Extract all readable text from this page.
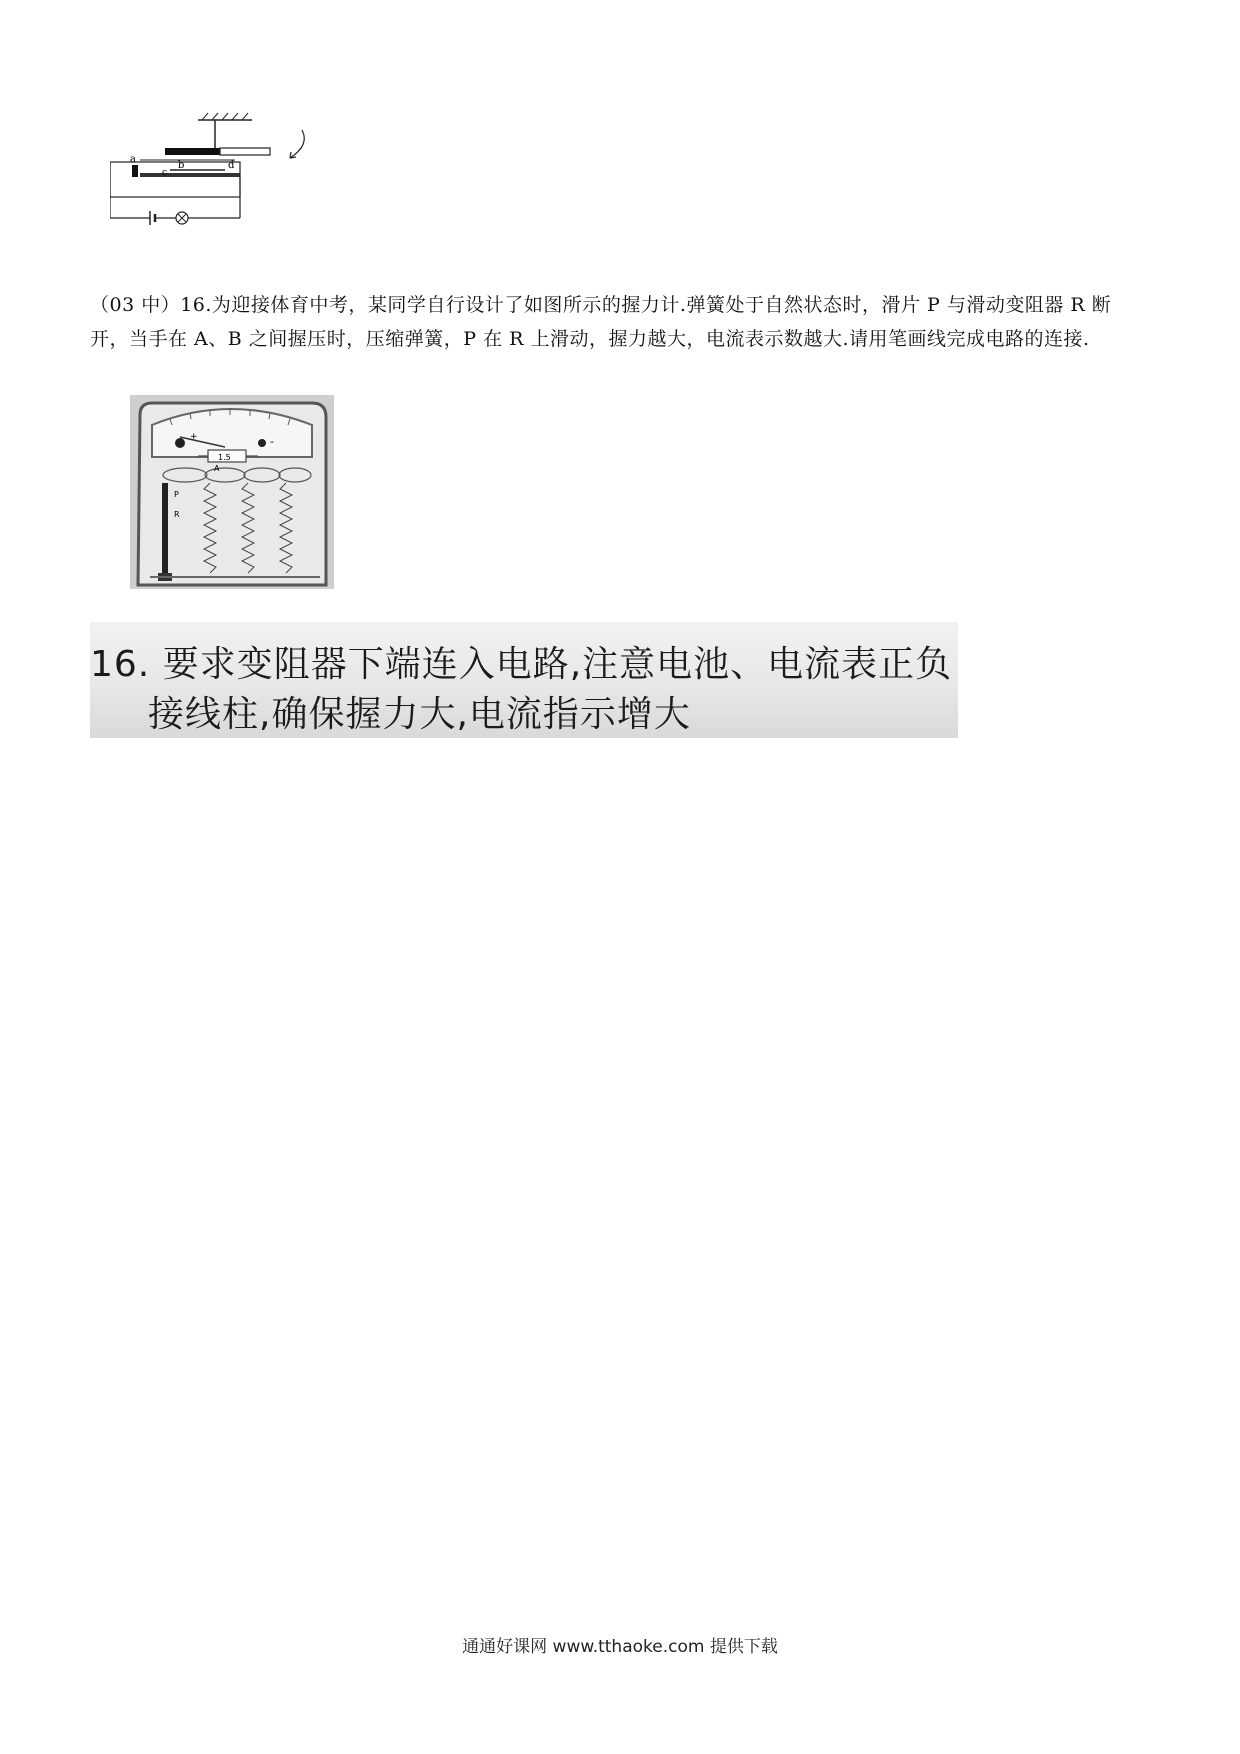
a
b
c
d
（03 中）16.为迎接体育中考，某同学自行设计了如图所示的握力计.弹簧处于自然状态时，滑片 P 与滑动变阻器 R 断开，当手在 A、B 之间握压时，压缩弹簧，P 在 R 上滑动，握力越大，电流表示数越大.请用笔画线完成电路的连接.
+	-
1.5
A
P
R
16. 要求变阻器下端连入电路,注意电池、电流表正负
接线柱,确保握力大,电流指示增大
通通好课网 www.tthaoke.com 提供下载
